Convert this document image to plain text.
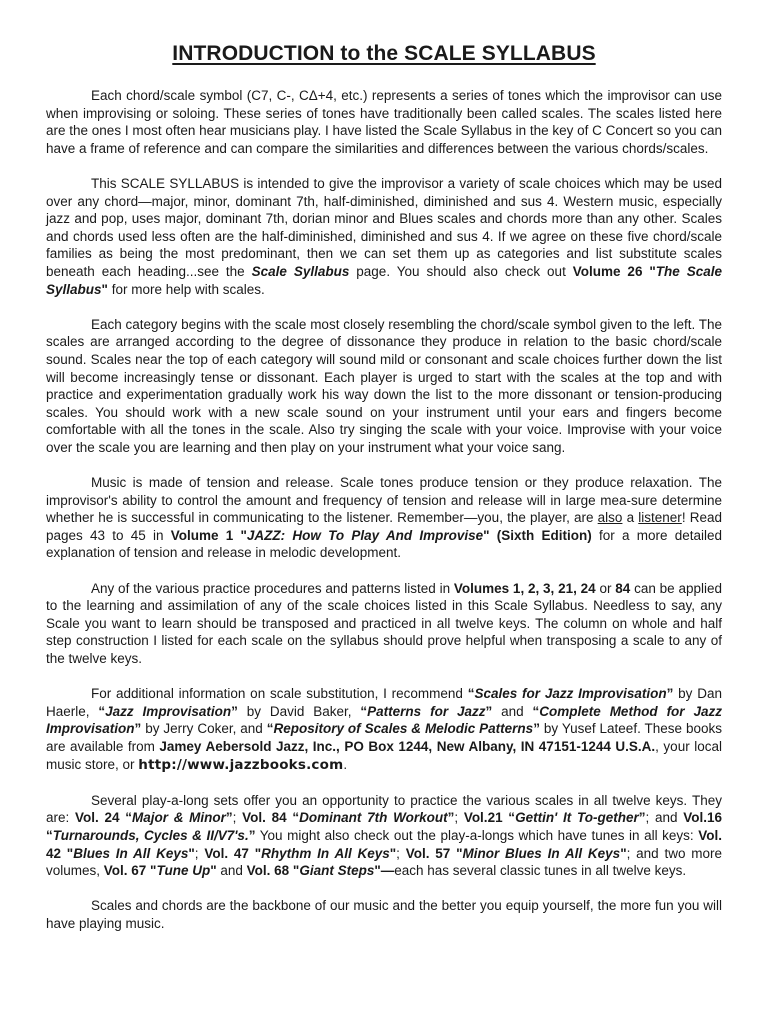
INTRODUCTION to the SCALE SYLLABUS

Each chord/scale symbol (C7, C-, CΔ+4, etc.) represents a series of tones which the improvisor can use when improvising or soloing. These series of tones have traditionally been called scales. The scales listed here are the ones I most often hear musicians play. I have listed the Scale Syllabus in the key of C Concert so you can have a frame of reference and can compare the similarities and differences between the various chords/scales.

This SCALE SYLLABUS is intended to give the improvisor a variety of scale choices which may be used over any chord—major, minor, dominant 7th, half-diminished, diminished and sus 4. Western music, especially jazz and pop, uses major, dominant 7th, dorian minor and Blues scales and chords more than any other. Scales and chords used less often are the half-diminished, diminished and sus 4. If we agree on these five chord/scale families as being the most predominant, then we can set them up as categories and list substitute scales beneath each heading...see the Scale Syllabus page. You should also check out Volume 26 "The Scale Syllabus" for more help with scales.

Each category begins with the scale most closely resembling the chord/scale symbol given to the left. The scales are arranged according to the degree of dissonance they produce in relation to the basic chord/scale sound. Scales near the top of each category will sound mild or consonant and scale choices further down the list will become increasingly tense or dissonant. Each player is urged to start with the scales at the top and with practice and experimentation gradually work his way down the list to the more dissonant or tension-producing scales. You should work with a new scale sound on your instrument until your ears and fingers become comfortable with all the tones in the scale. Also try singing the scale with your voice. Improvise with your voice over the scale you are learning and then play on your instrument what your voice sang.

Music is made of tension and release. Scale tones produce tension or they produce relaxation. The improvisor's ability to control the amount and frequency of tension and release will in large mea-sure determine whether he is successful in communicating to the listener. Remember—you, the player, are also a listener! Read pages 43 to 45 in Volume 1 "JAZZ: How To Play And Improvise" (Sixth Edition) for a more detailed explanation of tension and release in melodic development.

Any of the various practice procedures and patterns listed in Volumes 1, 2, 3, 21, 24 or 84 can be applied to the learning and assimilation of any of the scale choices listed in this Scale Syllabus. Needless to say, any Scale you want to learn should be transposed and practiced in all twelve keys. The column on whole and half step construction I listed for each scale on the syllabus should prove helpful when transposing a scale to any of the twelve keys.

For additional information on scale substitution, I recommend “Scales for Jazz Improvisation” by Dan Haerle, “Jazz Improvisation” by David Baker, “Patterns for Jazz” and “Complete Method for Jazz Improvisation” by Jerry Coker, and “Repository of Scales & Melodic Patterns” by Yusef Lateef. These books are available from Jamey Aebersold Jazz, Inc., PO Box 1244, New Albany, IN 47151-1244 U.S.A., your local music store, or http://www.jazzbooks.com.

Several play-a-long sets offer you an opportunity to practice the various scales in all twelve keys. They are: Vol. 24 “Major & Minor”; Vol. 84 “Dominant 7th Workout”; Vol.21 “Gettin' It To-gether”; and Vol.16 “Turnarounds, Cycles & II/V7's.” You might also check out the play-a-longs which have tunes in all keys: Vol. 42 "Blues In All Keys"; Vol. 47 "Rhythm In All Keys"; Vol. 57 "Minor Blues In All Keys"; and two more volumes, Vol. 67 "Tune Up" and Vol. 68 "Giant Steps"—each has several classic tunes in all twelve keys.

Scales and chords are the backbone of our music and the better you equip yourself, the more fun you will have playing music.
